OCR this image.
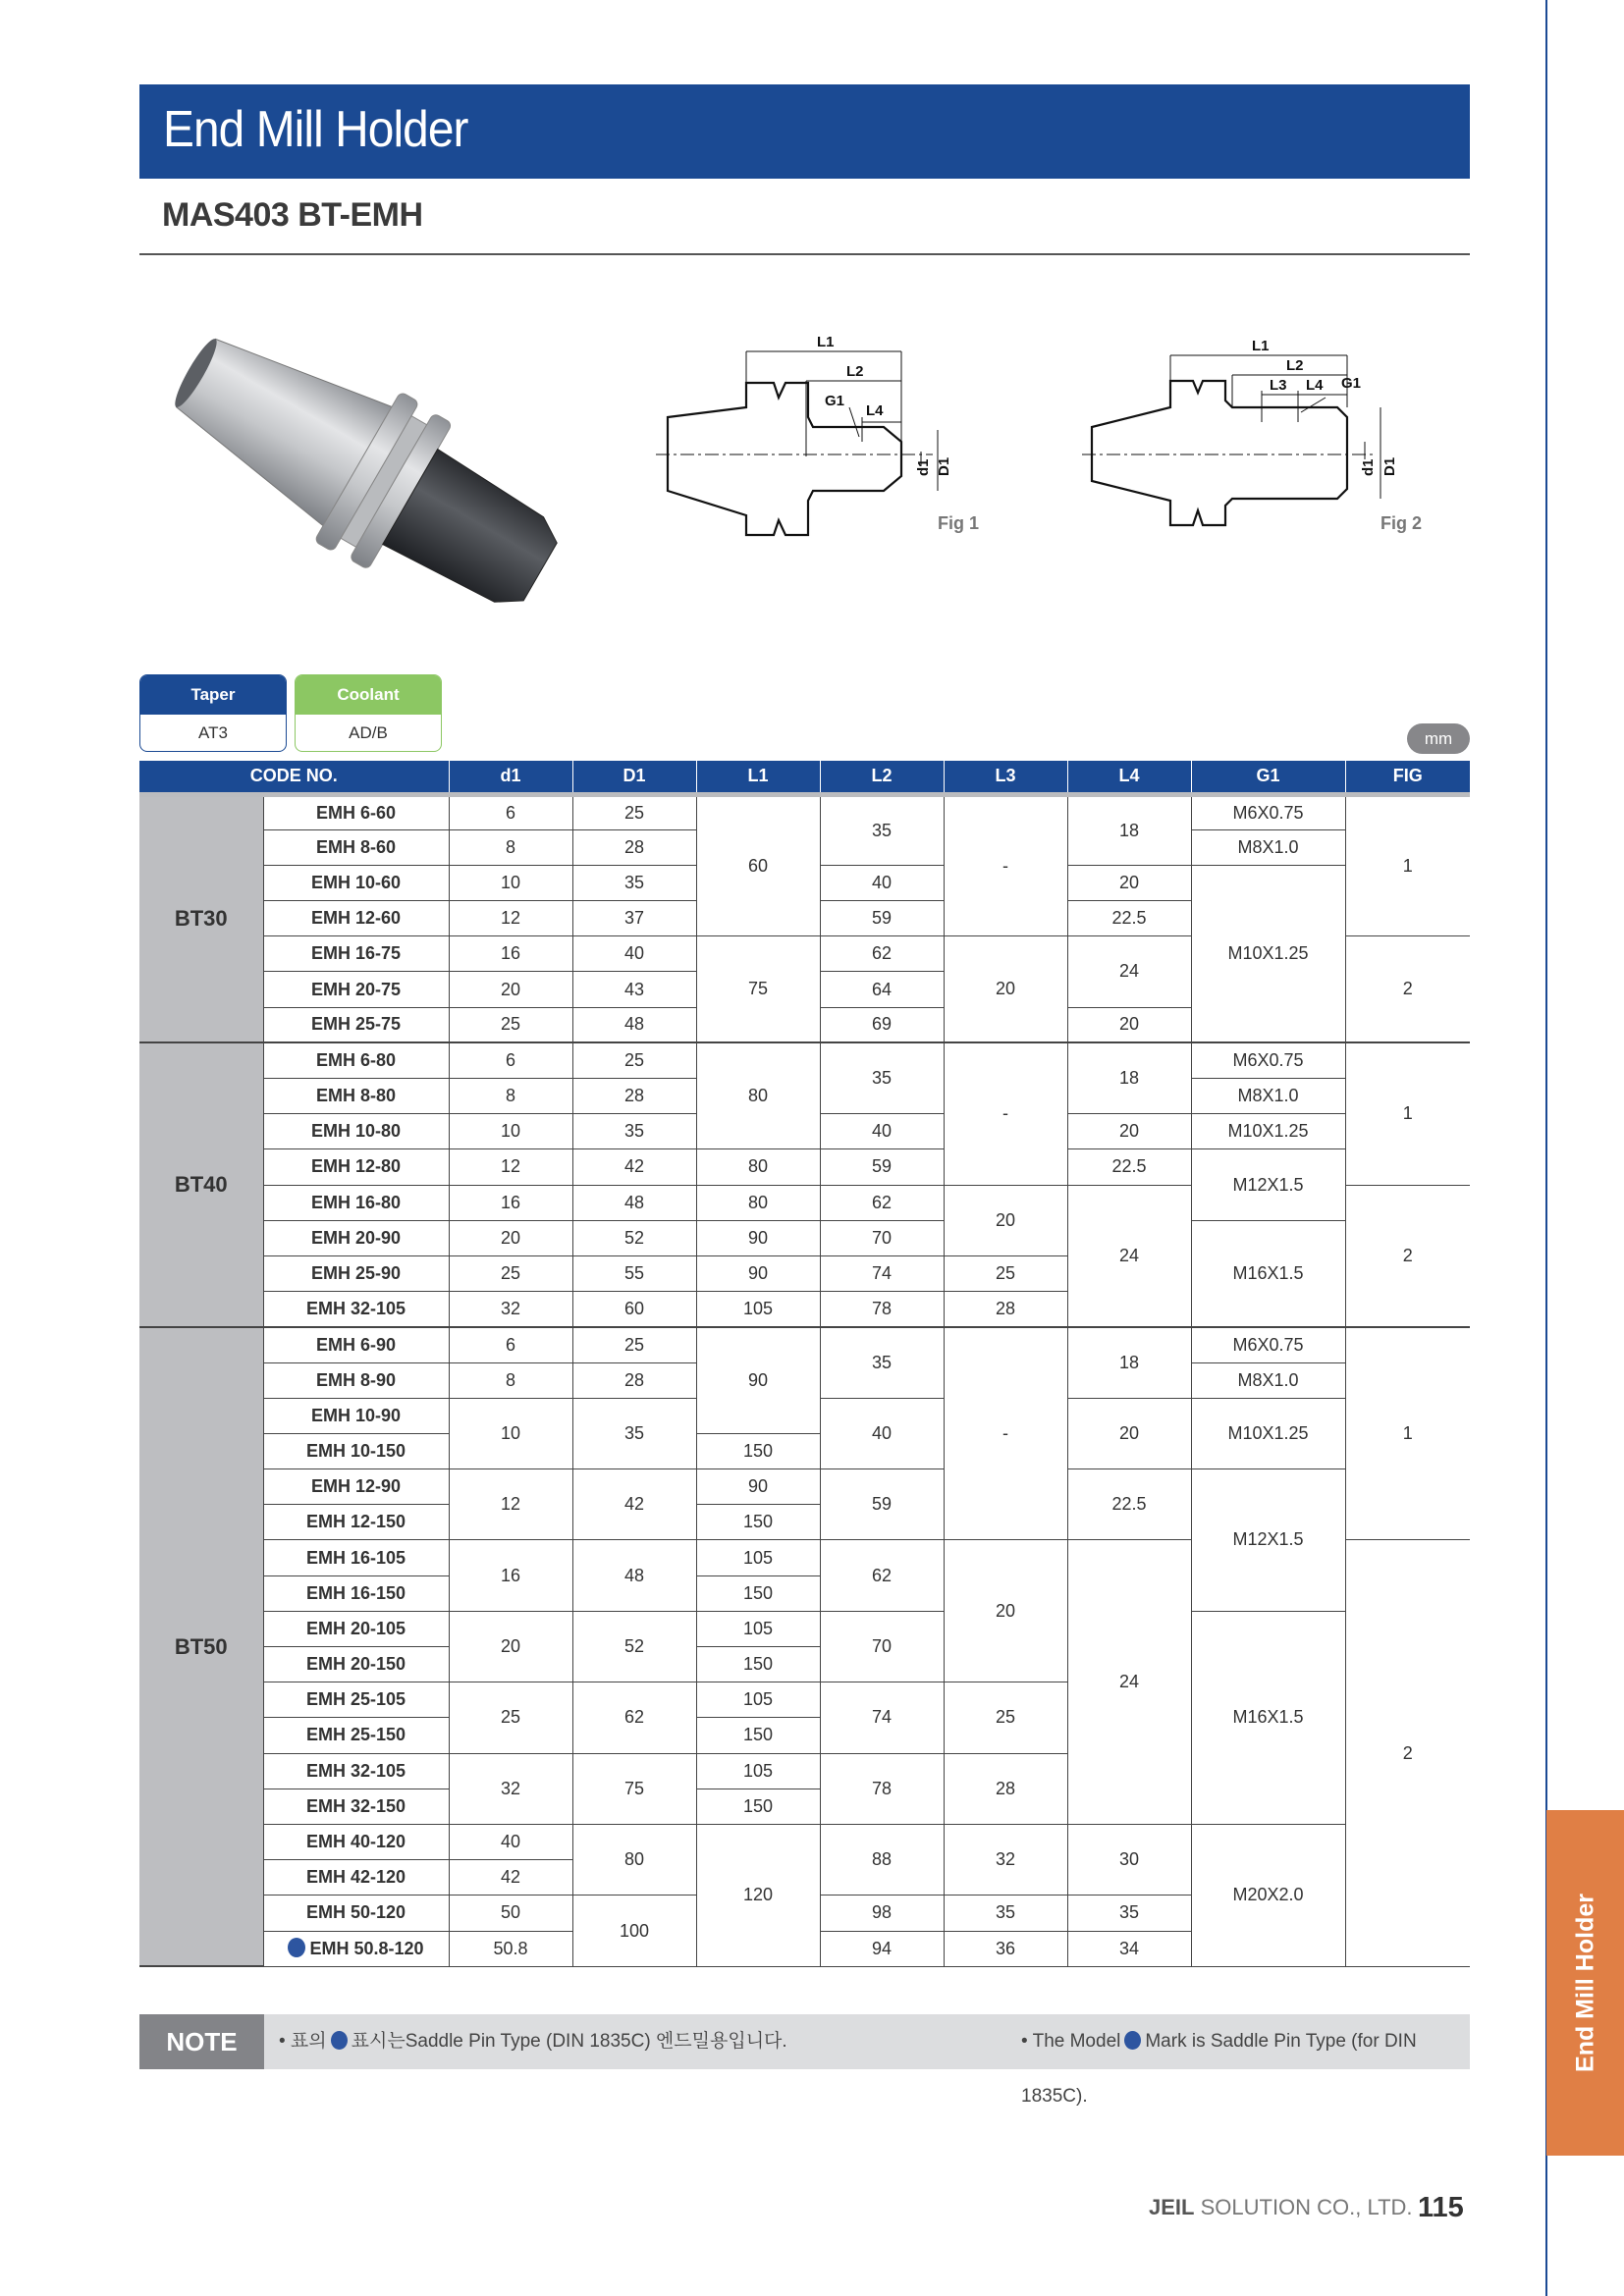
End Mill Holder
End Mill Holder
MAS403 BT-EMH
L1
L2
G1
L4
d1 D1
Fig 1
L1
L2
L3 L4 G1
d1 D1
Fig 2
Taper
AT3
Coolant
AD/B	mm
CODE NO.		d1	D1	L1	L2	L3	L4	G1	FIG
BT30	EMH 6-60	6	25	60	35	-	18	M6X0.75	1
	EMH 8-60	8	28					M8X1.0	
	EMH 10-60	10	35		40		20	M10X1.25	
	EMH 12-60	12	37		59		22.5		
	EMH 16-75	16	40	75	62	20	24		2
	EMH 20-75	20	43		64				
	EMH 25-75	25	48		69		20		
BT40	EMH 6-80	6	25	80	35	-	18	M6X0.75	1
	EMH 8-80	8	28					M8X1.0	
	EMH 10-80	10	35		40		20	M10X1.25	
	EMH 12-80	12	42	80	59		22.5	M12X1.5	
	EMH 16-80	16	48	80	62	20	24		2
	EMH 20-90	20	52	90	70			M16X1.5	
	EMH 25-90	25	55	90	74	25			
	EMH 32-105	32	60	105	78	28			
BT50	EMH 6-90	6	25	90	35	-	18	M6X0.75	1
	EMH 8-90	8	28					M8X1.0	
	EMH 10-90	10	35		40		20	M10X1.25	
	EMH 10-150			150					
	EMH 12-90	12	42	90	59		22.5	M12X1.5	
	EMH 12-150			150					
	EMH 16-105	16	48	105	62	20	24		2
	EMH 16-150			150					
	EMH 20-105	20	52	105	70			M16X1.5	
	EMH 20-150			150					
	EMH 25-105	25	62	105	74	25			
	EMH 25-150			150					
	EMH 32-105	32	75	105	78	28			
	EMH 32-150			150					
	EMH 40-120	40	80	120	88	32	30	M20X2.0	
	EMH 42-120	42							
	EMH 50-120	50	100		98	35	35		
	EMH 50.8-120	50.8			94	36	34		
NOTE	• 표의 표시는Saddle Pin Type (DIN 1835C) 엔드밀용입니다.	• The Model Mark is Saddle Pin Type (for DIN 1835C).
JEIL SOLUTION CO., LTD. 115
